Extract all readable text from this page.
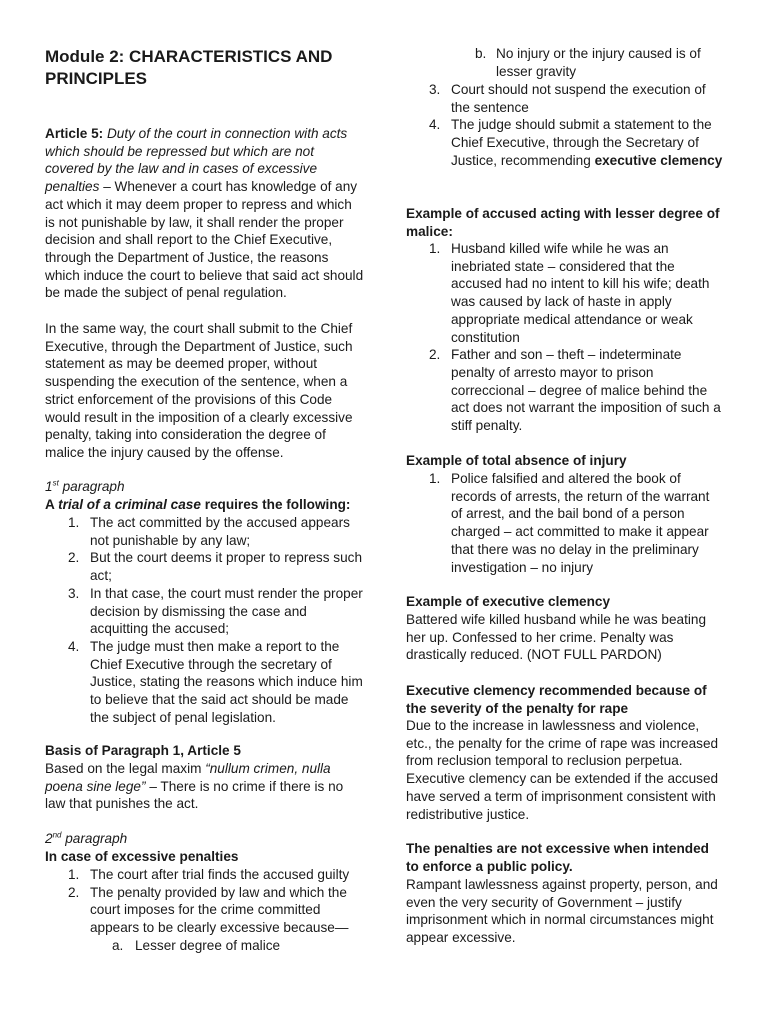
Module 2: CHARACTERISTICS AND PRINCIPLES

Article 5: Duty of the court in connection with acts which should be repressed but which are not covered by the law and in cases of excessive penalties – Whenever a court has knowledge of any act which it may deem proper to repress and which is not punishable by law, it shall render the proper decision and shall report to the Chief Executive, through the Department of Justice, the reasons which induce the court to believe that said act should be made the subject of penal regulation.

In the same way, the court shall submit to the Chief Executive, through the Department of Justice, such statement as may be deemed proper, without suspending the execution of the sentence, when a strict enforcement of the provisions of this Code would result in the imposition of a clearly excessive penalty, taking into consideration the degree of malice the injury caused by the offense.

1st paragraph

A trial of a criminal case requires the following:

1. The act committed by the accused appears not punishable by any law;
2. But the court deems it proper to repress such act;
3. In that case, the court must render the proper decision by dismissing the case and acquitting the accused;
4. The judge must then make a report to the Chief Executive through the secretary of Justice, stating the reasons which induce him to believe that the said act should be made the subject of penal legislation.

Basis of Paragraph 1, Article 5

Based on the legal maxim “nullum crimen, nulla poena sine lege” – There is no crime if there is no law that punishes the act.

2nd paragraph

In case of excessive penalties

1. The court after trial finds the accused guilty
2. The penalty provided by law and which the court imposes for the crime committed appears to be clearly excessive because—
a. Lesser degree of malice
b. No injury or the injury caused is of lesser gravity
3. Court should not suspend the execution of the sentence
4. The judge should submit a statement to the Chief Executive, through the Secretary of Justice, recommending executive clemency

Example of accused acting with lesser degree of malice:

1. Husband killed wife while he was an inebriated state – considered that the accused had no intent to kill his wife; death was caused by lack of haste in apply appropriate medical attendance or weak constitution
2. Father and son – theft – indeterminate penalty of arresto mayor to prison correccional – degree of malice behind the act does not warrant the imposition of such a stiff penalty.

Example of total absence of injury

1. Police falsified and altered the book of records of arrests, the return of the warrant of arrest, and the bail bond of a person charged – act committed to make it appear that there was no delay in the preliminary investigation – no injury

Example of executive clemency

Battered wife killed husband while he was beating her up. Confessed to her crime. Penalty was drastically reduced. (NOT FULL PARDON)

Executive clemency recommended because of the severity of the penalty for rape

Due to the increase in lawlessness and violence, etc., the penalty for the crime of rape was increased from reclusion temporal to reclusion perpetua. Executive clemency can be extended if the accused have served a term of imprisonment consistent with redistributive justice.

The penalties are not excessive when intended to enforce a public policy.

Rampant lawlessness against property, person, and even the very security of Government – justify imprisonment which in normal circumstances might appear excessive.
